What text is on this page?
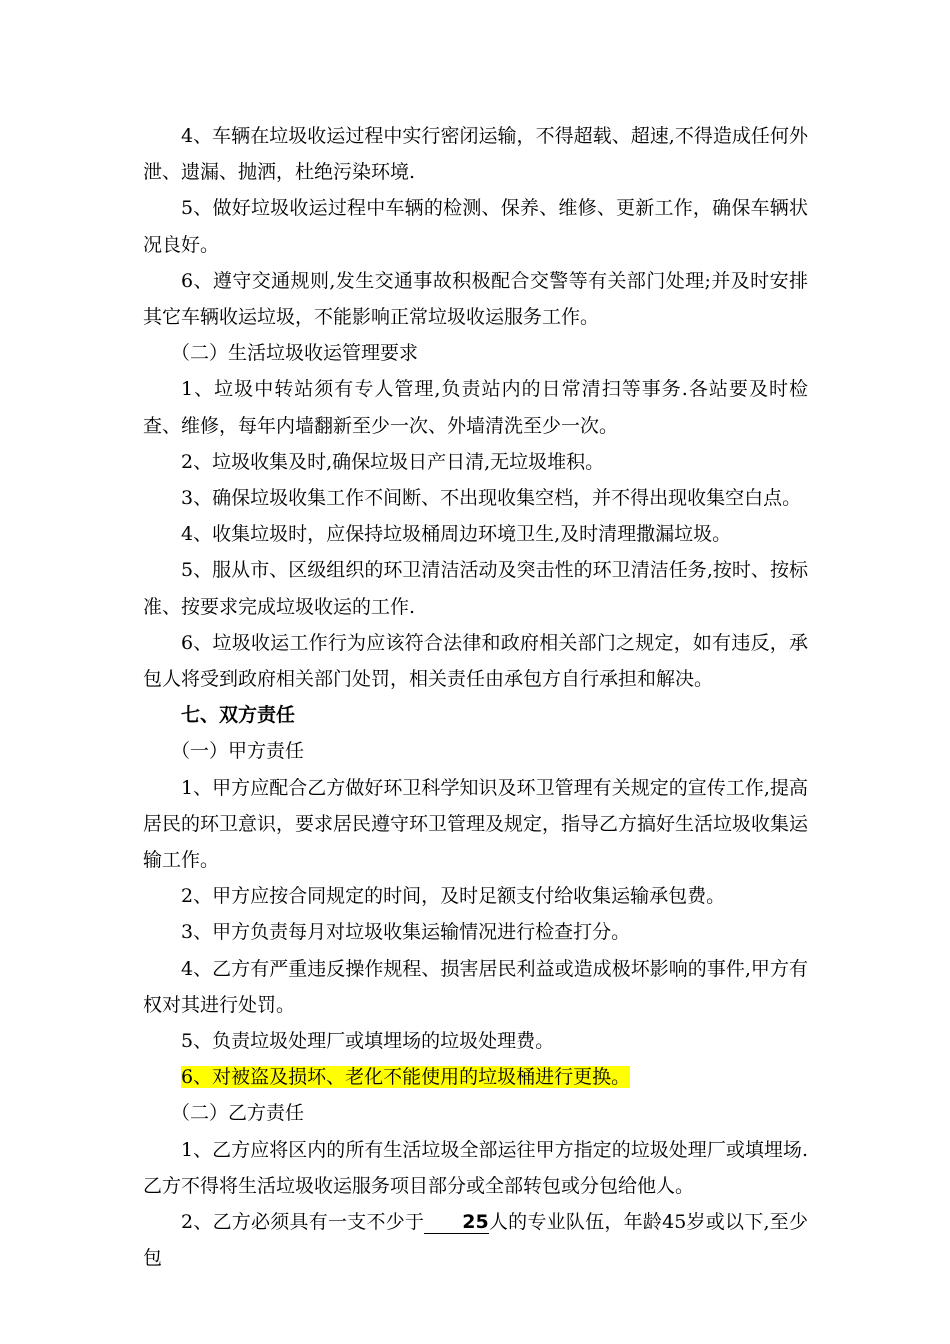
4、车辆在垃圾收运过程中实行密闭运输，不得超载、超速,不得造成任何外泄、遗漏、抛洒，杜绝污染环境.

5、做好垃圾收运过程中车辆的检测、保养、维修、更新工作，确保车辆状况良好。

6、遵守交通规则,发生交通事故积极配合交警等有关部门处理;并及时安排其它车辆收运垃圾，不能影响正常垃圾收运服务工作。

（二）生活垃圾收运管理要求

1、垃圾中转站须有专人管理,负责站内的日常清扫等事务.各站要及时检查、维修，每年内墙翻新至少一次、外墙清洗至少一次。

2、垃圾收集及时,确保垃圾日产日清,无垃圾堆积。

3、确保垃圾收集工作不间断、不出现收集空档，并不得出现收集空白点。

4、收集垃圾时，应保持垃圾桶周边环境卫生,及时清理撒漏垃圾。

5、服从市、区级组织的环卫清洁活动及突击性的环卫清洁任务,按时、按标准、按要求完成垃圾收运的工作.

6、垃圾收运工作行为应该符合法律和政府相关部门之规定，如有违反，承包人将受到政府相关部门处罚，相关责任由承包方自行承担和解决。

七、双方责任

（一）甲方责任

1、甲方应配合乙方做好环卫科学知识及环卫管理有关规定的宣传工作,提高居民的环卫意识，要求居民遵守环卫管理及规定，指导乙方搞好生活垃圾收集运输工作。

2、甲方应按合同规定的时间，及时足额支付给收集运输承包费。

3、甲方负责每月对垃圾收集运输情况进行检查打分。

4、乙方有严重违反操作规程、损害居民利益或造成极坏影响的事件,甲方有权对其进行处罚。

5、负责垃圾处理厂或填埋场的垃圾处理费。

6、对被盗及损坏、老化不能使用的垃圾桶进行更换。

（二）乙方责任

1、乙方应将区内的所有生活垃圾全部运往甲方指定的垃圾处理厂或填埋场.乙方不得将生活垃圾收运服务项目部分或全部转包或分包给他人。

2、乙方必须具有一支不少于 25人的专业队伍，年龄45岁或以下,至少包
